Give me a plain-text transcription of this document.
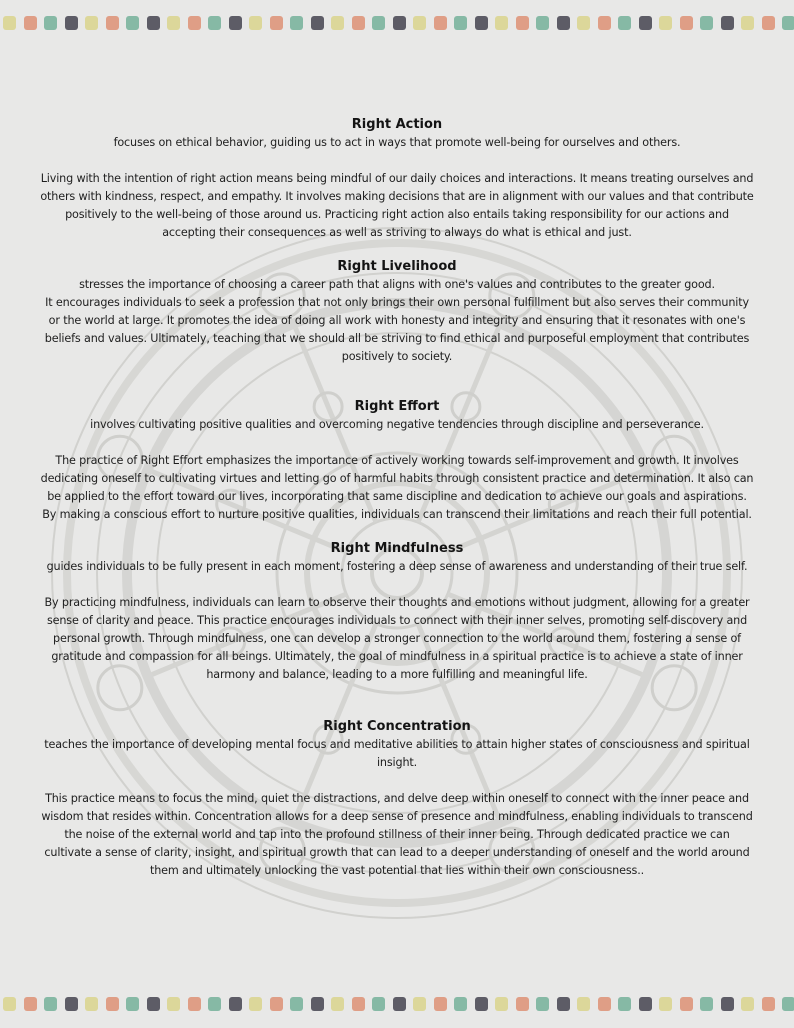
Right Action

focuses on ethical behavior, guiding us to act in ways that promote well-being for ourselves and others.

Living with the intention of right action means being mindful of our daily choices and interactions. It means treating ourselves and others with kindness, respect, and empathy. It involves making decisions that are in alignment with our values and that contribute positively to the well-being of those around us. Practicing right action also entails taking responsibility for our actions and accepting their consequences as well as striving to always do what is ethical and just.

Right Livelihood

stresses the importance of choosing a career path that aligns with one's values and contributes to the greater good.

It encourages individuals to seek a profession that not only brings their own personal fulfillment but also serves their community or the world at large. It promotes the idea of doing all work with honesty and integrity and ensuring that it resonates with one's beliefs and values. Ultimately, teaching that we should all be striving to find ethical and purposeful employment that contributes positively to society.

Right Effort

involves cultivating positive qualities and overcoming negative tendencies through discipline and perseverance.

The practice of Right Effort emphasizes the importance of actively working towards self-improvement and growth. It involves dedicating oneself to cultivating virtues and letting go of harmful habits through consistent practice and determination. It also can be applied to the effort toward our lives, incorporating that same discipline and dedication to achieve our goals and aspirations. By making a conscious effort to nurture positive qualities, individuals can transcend their limitations and reach their full potential.

Right Mindfulness

guides individuals to be fully present in each moment, fostering a deep sense of awareness and understanding of their true self.

By practicing mindfulness, individuals can learn to observe their thoughts and emotions without judgment, allowing for a greater sense of clarity and peace. This practice encourages individuals to connect with their inner selves, promoting self-discovery and personal growth. Through mindfulness, one can develop a stronger connection to the world around them, fostering a sense of gratitude and compassion for all beings. Ultimately, the goal of mindfulness in a spiritual practice is to achieve a state of inner harmony and balance, leading to a more fulfilling and meaningful life.

Right Concentration

teaches the importance of developing mental focus and meditative abilities to attain higher states of consciousness and spiritual insight.

This practice means to focus the mind, quiet the distractions, and delve deep within oneself to connect with the inner peace and wisdom that resides within. Concentration allows for a deep sense of presence and mindfulness, enabling individuals to transcend the noise of the external world and tap into the profound stillness of their inner being. Through dedicated practice we can cultivate a sense of clarity, insight, and spiritual growth that can lead to a deeper understanding of oneself and the world around them and ultimately unlocking the vast potential that lies within their own consciousness..
